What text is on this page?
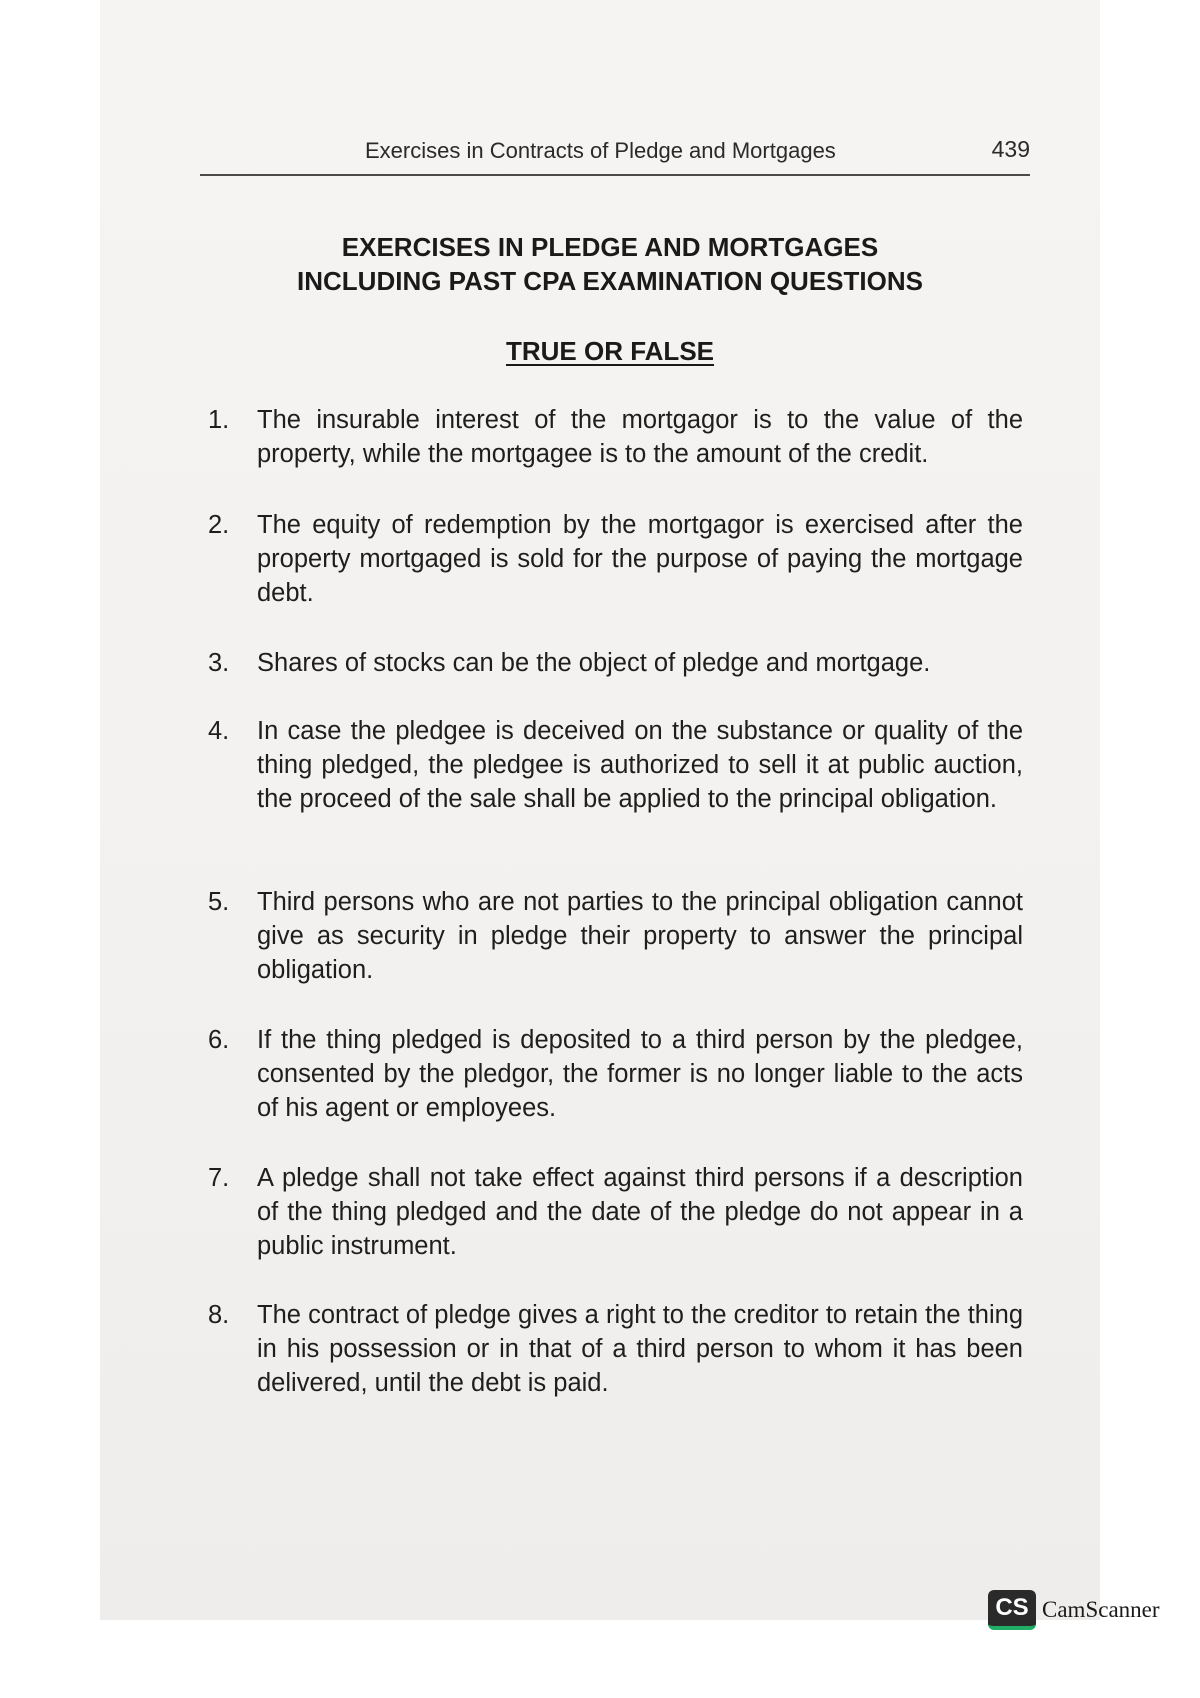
Exercises in Contracts of Pledge and Mortgages	439
EXERCISES IN PLEDGE AND MORTGAGES
INCLUDING PAST CPA EXAMINATION QUESTIONS
TRUE OR FALSE
1.	The insurable interest of the mortgagor is to the value of the property, while the mortgagee is to the amount of the credit.
2.	The equity of redemption by the mortgagor is exercised after the property mortgaged is sold for the purpose of paying the mortgage debt.
3.	Shares of stocks can be the object of pledge and mortgage.
4.	In case the pledgee is deceived on the substance or quality of the thing pledged, the pledgee is authorized to sell it at public auction, the proceed of the sale shall be applied to the principal obligation.
5.	Third persons who are not parties to the principal obligation cannot give as security in pledge their property to answer the principal obligation.
6.	If the thing pledged is deposited to a third person by the pledgee, consented by the pledgor, the former is no longer liable to the acts of his agent or employees.
7.	A pledge shall not take effect against third persons if a description of the thing pledged and the date of the pledge do not appear in a public instrument.
8.	The contract of pledge gives a right to the creditor to retain the thing in his possession or in that of a third person to whom it has been delivered, until the debt is paid.
CS CamScanner
